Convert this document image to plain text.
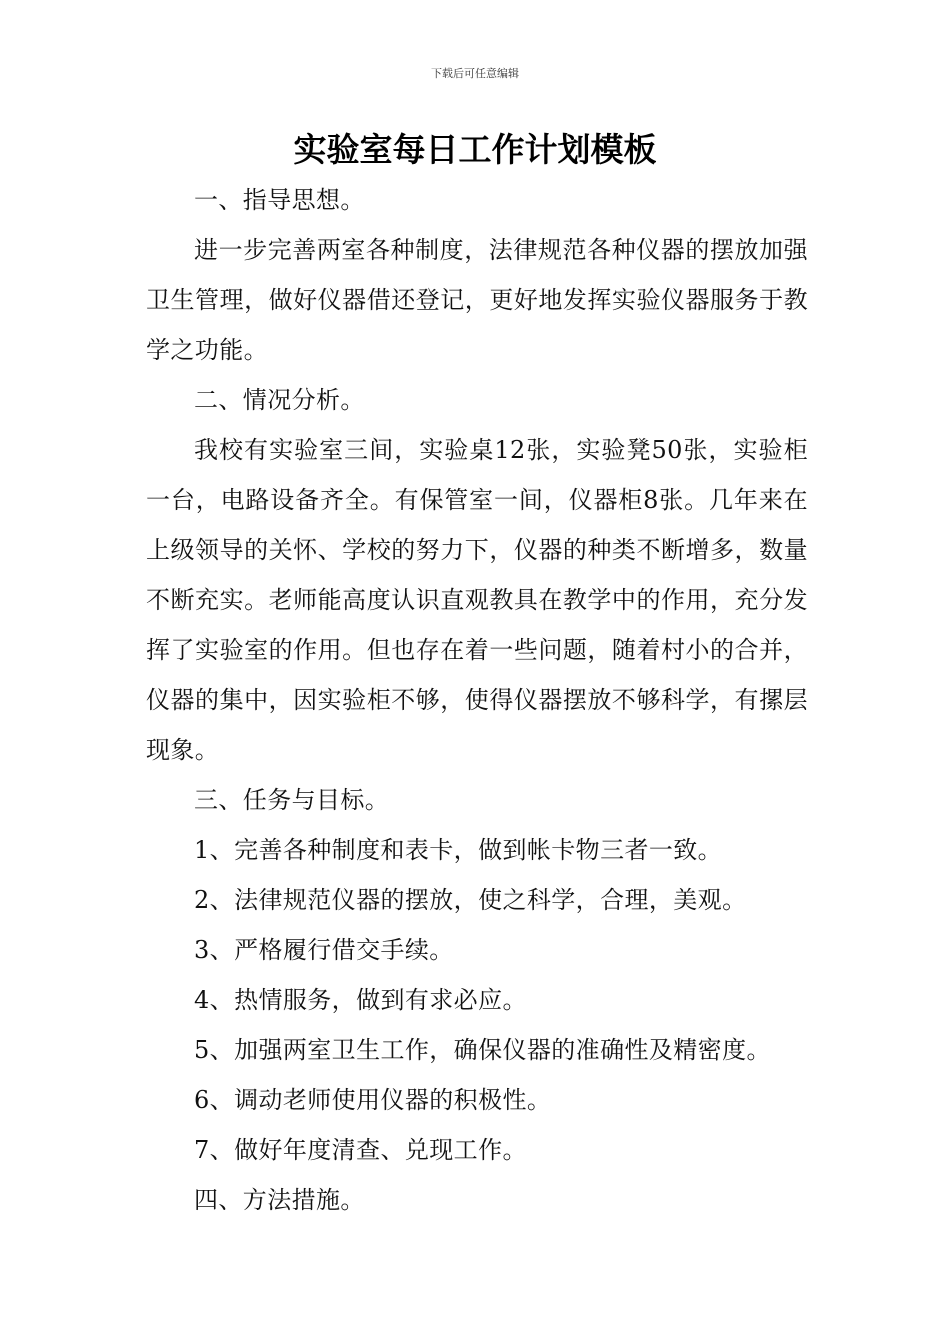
下载后可任意编辑

实验室每日工作计划模板

一、指导思想。

进一步完善两室各种制度，法律规范各种仪器的摆放加强卫生管理，做好仪器借还登记，更好地发挥实验仪器服务于教学之功能。

二、情况分析。

我校有实验室三间，实验桌12张，实验凳50张，实验柜一台，电路设备齐全。有保管室一间，仪器柜8张。几年来在上级领导的关怀、学校的努力下，仪器的种类不断增多，数量不断充实。老师能高度认识直观教具在教学中的作用，充分发挥了实验室的作用。但也存在着一些问题，随着村小的合并，仪器的集中，因实验柜不够，使得仪器摆放不够科学，有摞层现象。

三、任务与目标。

1、完善各种制度和表卡，做到帐卡物三者一致。

2、法律规范仪器的摆放，使之科学，合理，美观。

3、严格履行借交手续。

4、热情服务，做到有求必应。

5、加强两室卫生工作，确保仪器的准确性及精密度。

6、调动老师使用仪器的积极性。

7、做好年度清查、兑现工作。

四、方法措施。
